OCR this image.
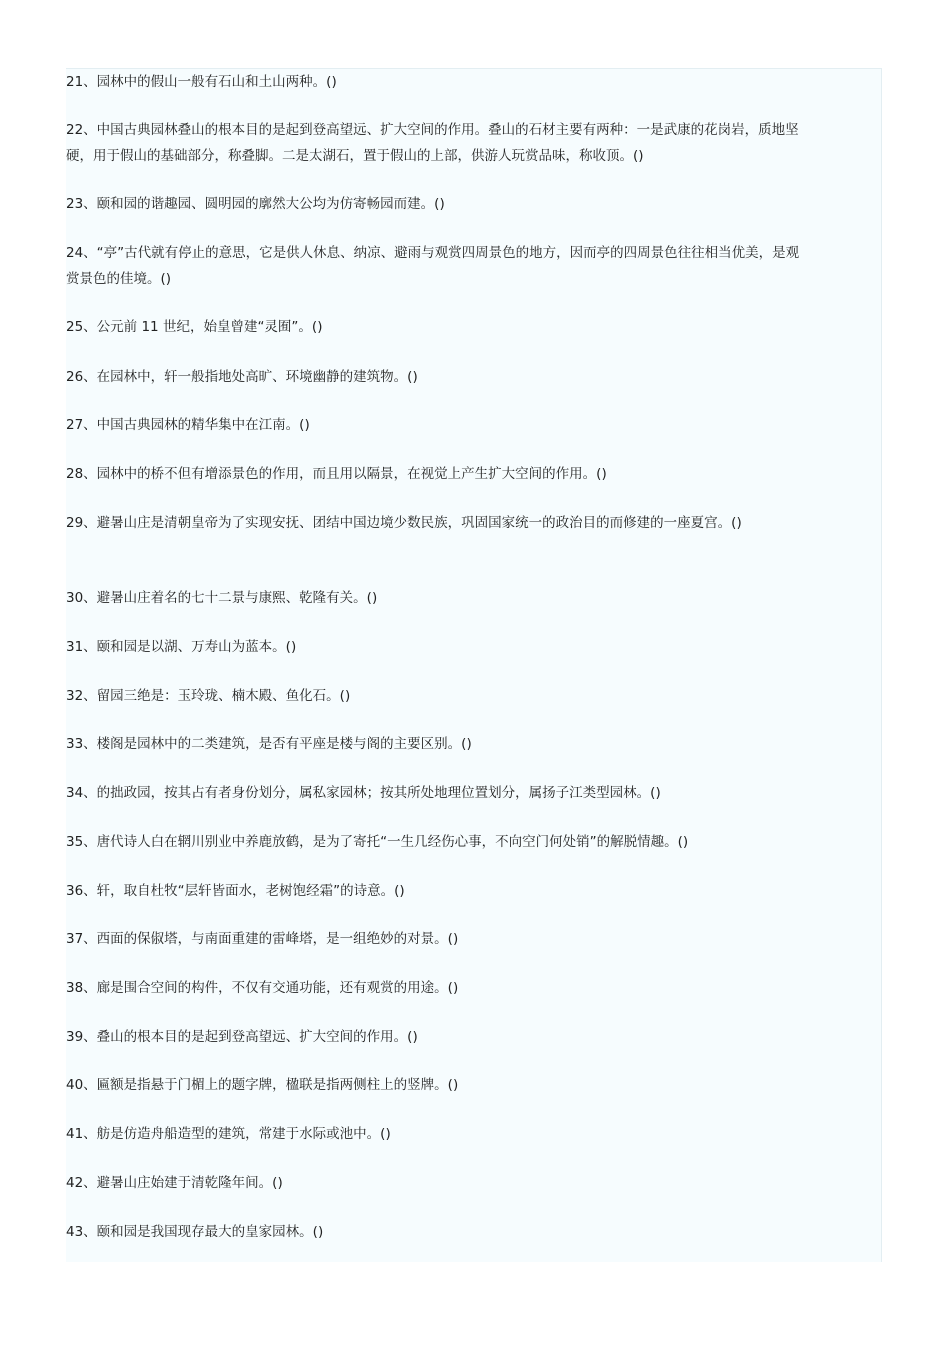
21、园林中的假山一般有石山和土山两种。()
22、中国古典园林叠山的根本目的是起到登高望远、扩大空间的作用。叠山的石材主要有两种：一是武康的花岗岩，质地坚硬，用于假山的基础部分，称叠脚。二是太湖石，置于假山的上部，供游人玩赏品味，称收顶。()
23、颐和园的谐趣园、圆明园的廓然大公均为仿寄畅园而建。()
24、“亭”古代就有停止的意思，它是供人休息、纳凉、避雨与观赏四周景色的地方，因而亭的四周景色往往相当优美，是观赏景色的佳境。()
25、公元前 11 世纪，始皇曾建“灵囿”。()
26、在园林中，轩一般指地处高旷、环境幽静的建筑物。()
27、中国古典园林的精华集中在江南。()
28、园林中的桥不但有增添景色的作用，而且用以隔景，在视觉上产生扩大空间的作用。()
29、避暑山庄是清朝皇帝为了实现安抚、团结中国边境少数民族，巩固国家统一的政治目的而修建的一座夏宫。()
30、避暑山庄着名的七十二景与康熙、乾隆有关。()
31、颐和园是以湖、万寿山为蓝本。()
32、留园三绝是：玉玲珑、楠木殿、鱼化石。()
33、楼阁是园林中的二类建筑，是否有平座是楼与阁的主要区别。()
34、的拙政园，按其占有者身份划分，属私家园林；按其所处地理位置划分，属扬子江类型园林。()
35、唐代诗人白在辋川别业中养鹿放鹤，是为了寄托“一生几经伤心事，不向空门何处销”的解脱情趣。()
36、轩，取自杜牧“层轩皆面水，老树饱经霜”的诗意。()
37、西面的保俶塔，与南面重建的雷峰塔，是一组绝妙的对景。()
38、廊是围合空间的构件，不仅有交通功能，还有观赏的用途。()
39、叠山的根本目的是起到登高望远、扩大空间的作用。()
40、匾额是指悬于门楣上的题字牌，楹联是指两侧柱上的竖牌。()
41、舫是仿造舟船造型的建筑，常建于水际或池中。()
42、避暑山庄始建于清乾隆年间。()
43、颐和园是我国现存最大的皇家园林。()
